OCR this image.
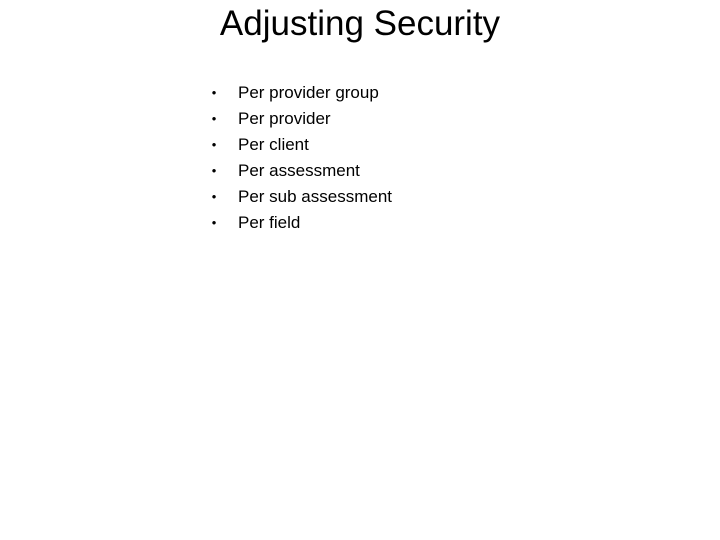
Adjusting Security
• Per provider group
• Per provider
• Per client
• Per assessment
• Per sub assessment
• Per field
